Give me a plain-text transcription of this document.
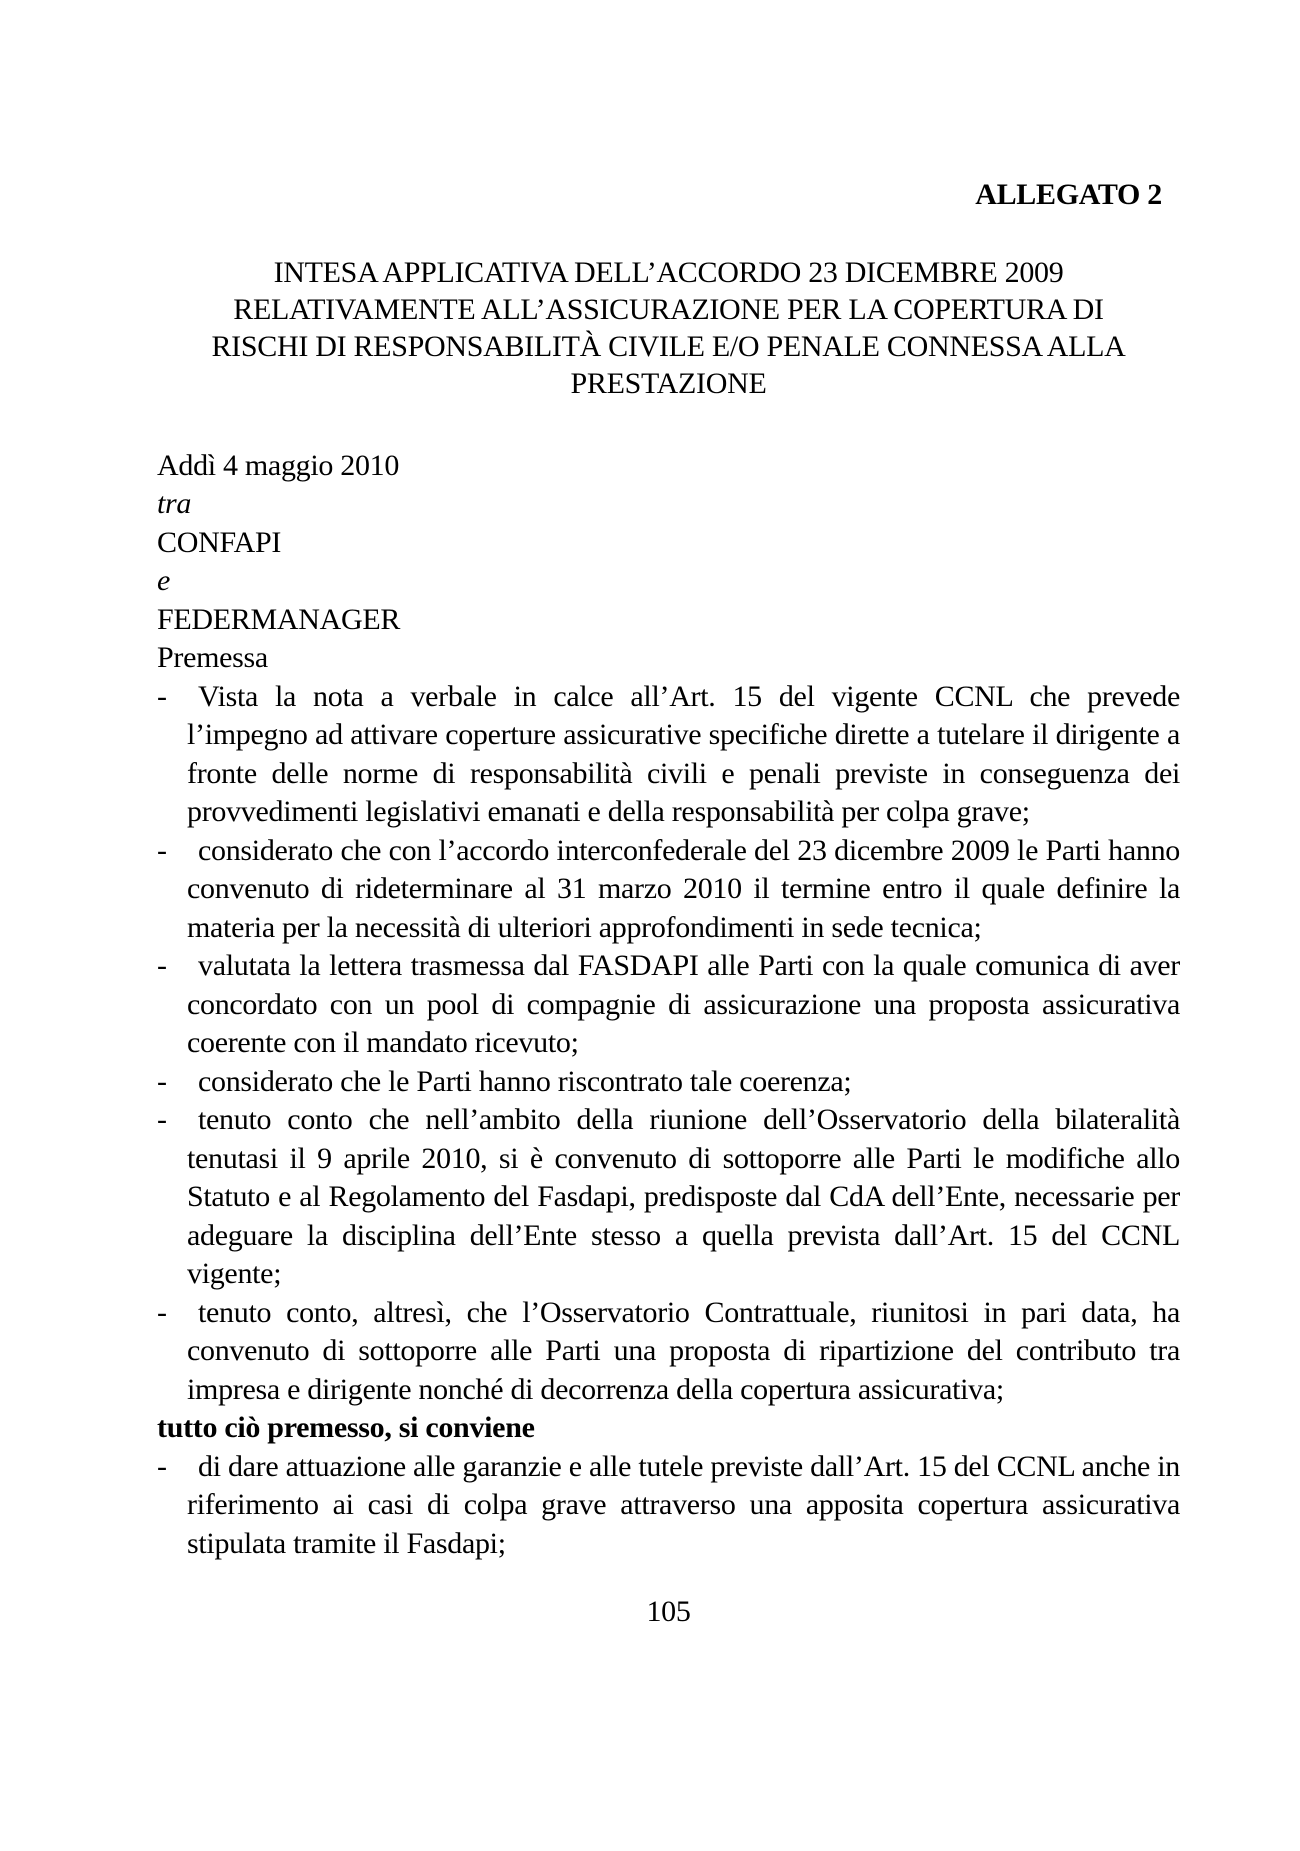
ALLEGATO 2
INTESA APPLICATIVA DELL’ACCORDO 23 DICEMBRE 2009
RELATIVAMENTE ALL’ASSICURAZIONE PER LA COPERTURA DI
RISCHI DI RESPONSABILITÀ CIVILE E/O PENALE CONNESSA ALLA
PRESTAZIONE
Addì 4 maggio 2010
tra
CONFAPI
e
FEDERMANAGER
Premessa
-	Vista la nota a verbale in calce all’Art. 15 del vigente CCNL che prevede l’impegno ad attivare coperture assicurative specifiche dirette a tutelare il dirigente a fronte delle norme di responsabilità civili e penali previste in conseguenza dei provvedimenti legislativi emanati e della responsabilità per colpa grave;
-	considerato che con l’accordo interconfederale del 23 dicembre 2009 le Parti hanno convenuto di rideterminare al 31 marzo 2010 il termine entro il quale definire la materia per la necessità di ulteriori approfondimenti in sede tecnica;
-	valutata la lettera trasmessa dal FASDAPI alle Parti con la quale comunica di aver concordato con un pool di compagnie di assicurazione una proposta assicurativa coerente con il mandato ricevuto;
-	considerato che le Parti hanno riscontrato tale coerenza;
-	tenuto conto che nell’ambito della riunione dell’Osservatorio della bilateralità tenutasi il 9 aprile 2010, si è convenuto di sottoporre alle Parti le modifiche allo Statuto e al Regolamento del Fasdapi, predisposte dal CdA dell’Ente, necessarie per adeguare la disciplina dell’Ente stesso a quella prevista dall’Art. 15 del CCNL vigente;
-	tenuto conto, altresì, che l’Osservatorio Contrattuale, riunitosi in pari data, ha convenuto di sottoporre alle Parti una proposta di ripartizione del contributo tra impresa e dirigente nonché di decorrenza della copertura assicurativa;
tutto ciò premesso, si conviene
-	di dare attuazione alle garanzie e alle tutele previste dall’Art. 15 del CCNL anche in riferimento ai casi di colpa grave attraverso una apposita copertura assicurativa stipulata tramite il Fasdapi;
105
